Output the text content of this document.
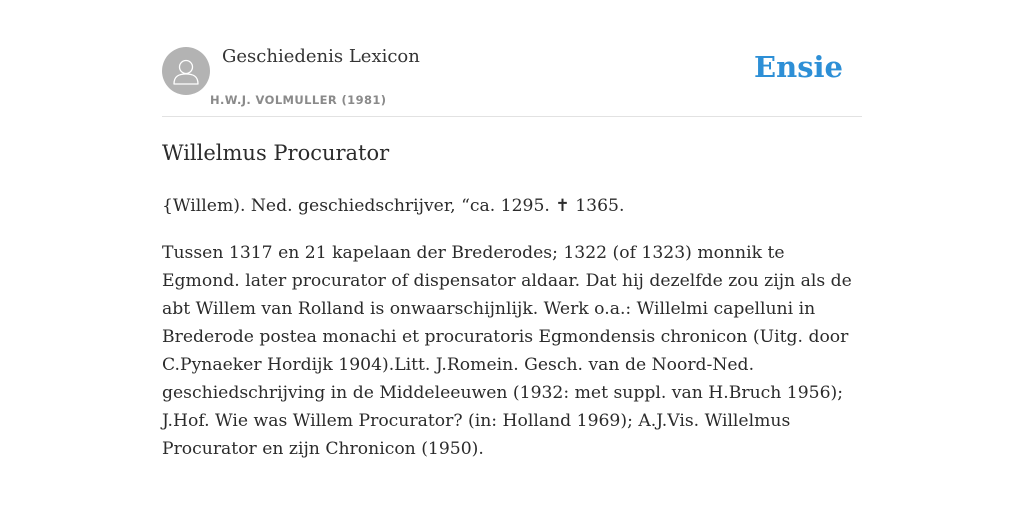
Geschiedenis Lexicon
H.W.J. VOLMULLER (1981)
Ensie
Willelmus Procurator

{Willem). Ned. geschiedschrijver, “ca. 1295. ✝ 1365.

Tussen 1317 en 21 kapelaan der Brederodes; 1322 (of 1323) monnik te Egmond. later procurator of dispensator aldaar. Dat hij dezelfde zou zijn als de abt Willem van Rolland is onwaarschijnlijk. Werk o.a.: Willelmi capelluni in Brederode postea monachi et procuratoris Egmondensis chronicon (Uitg. door C.Pynaeker Hordijk 1904).Litt. J.Romein. Gesch. van de Noord-Ned. geschiedschrijving in de Middeleeuwen (1932: met suppl. van H.Bruch 1956); J.Hof. Wie was Willem Procurator? (in: Holland 1969); A.J.Vis. Willelmus Procurator en zijn Chronicon (1950).
